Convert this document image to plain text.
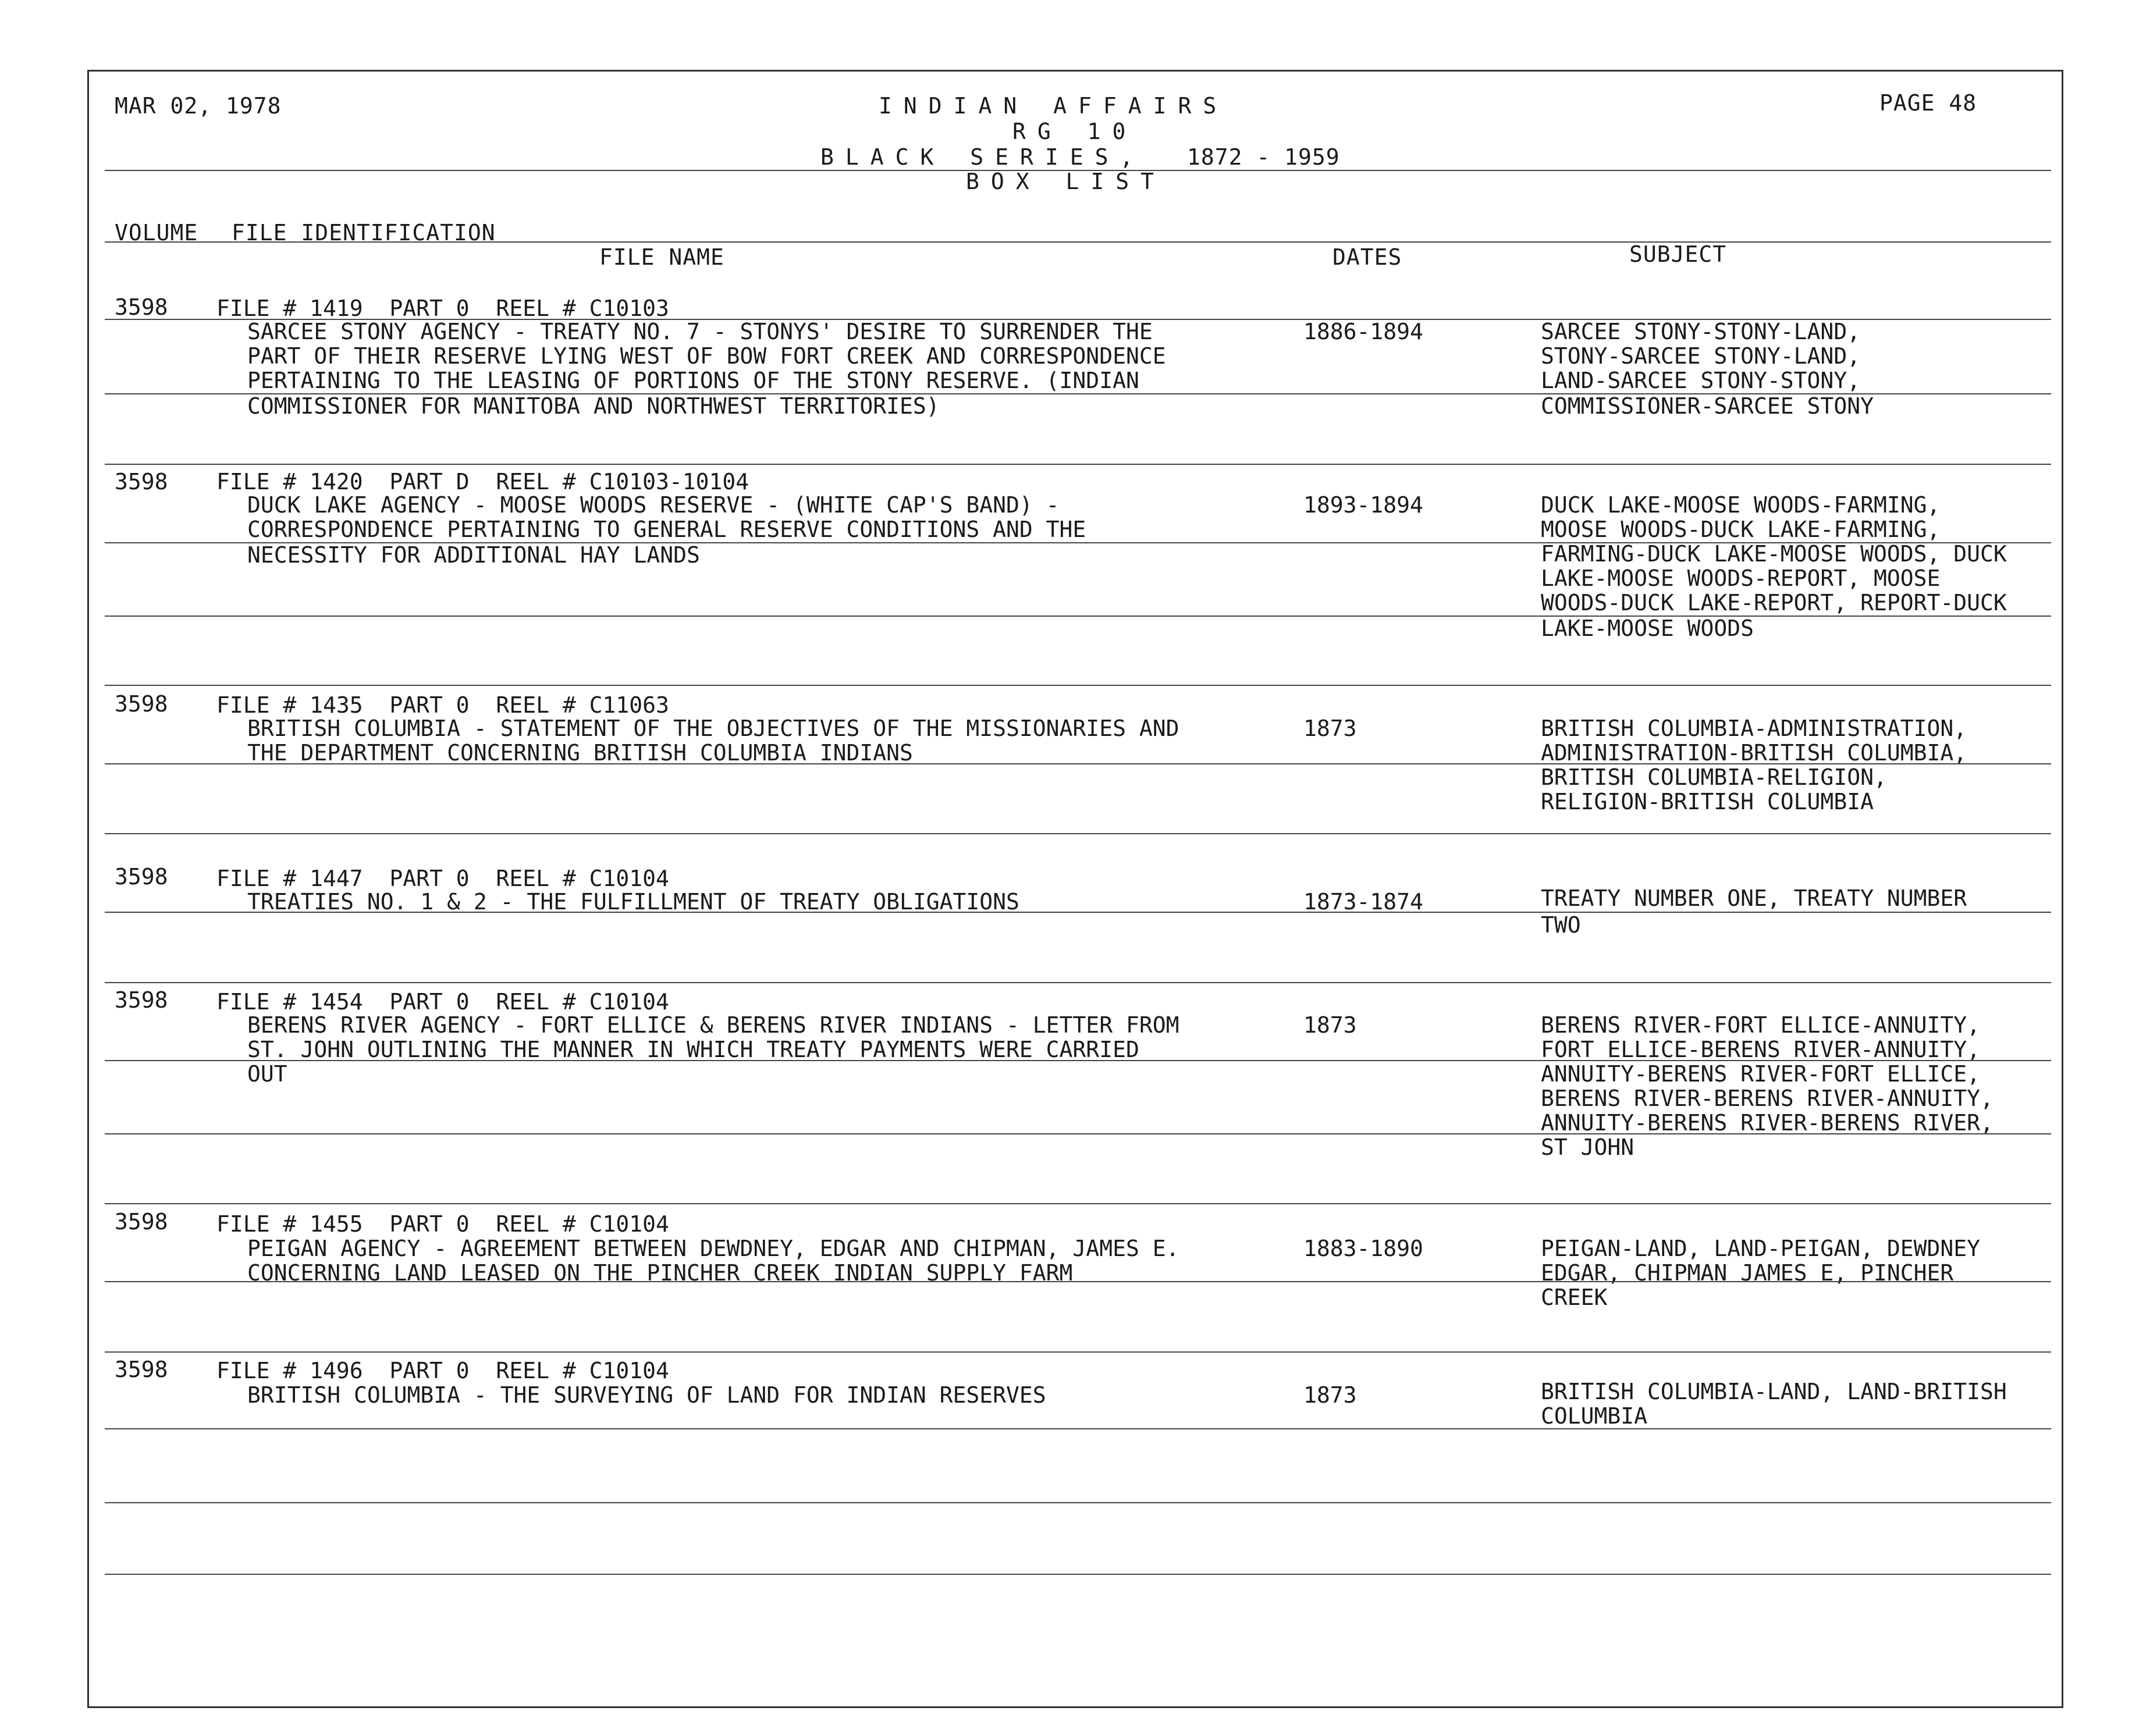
MAR 02, 1978	INDIAN AFFAIRS
RG 10
BLACK SERIES, 1872 - 1959
BOX LIST
PAGE 48
VOLUME FILE IDENTIFICATION
FILE NAME	DATES	SUBJECT
3598 FILE # 1419  PART 0  REEL # C10103
SARCEE STONY AGENCY - TREATY NO. 7 - STONYS' DESIRE TO SURRENDER THE
PART OF THEIR RESERVE LYING WEST OF BOW FORT CREEK AND CORRESPONDENCE
PERTAINING TO THE LEASING OF PORTIONS OF THE STONY RESERVE. (INDIAN
COMMISSIONER FOR MANITOBA AND NORTHWEST TERRITORIES)
1886-1894	SARCEE STONY-STONY-LAND,
STONY-SARCEE STONY-LAND,
LAND-SARCEE STONY-STONY,
COMMISSIONER-SARCEE STONY
3598 FILE # 1420  PART D  REEL # C10103-10104
DUCK LAKE AGENCY - MOOSE WOODS RESERVE - (WHITE CAP'S BAND) -
CORRESPONDENCE PERTAINING TO GENERAL RESERVE CONDITIONS AND THE
NECESSITY FOR ADDITIONAL HAY LANDS
1893-1894	DUCK LAKE-MOOSE WOODS-FARMING,
MOOSE WOODS-DUCK LAKE-FARMING,
FARMING-DUCK LAKE-MOOSE WOODS, DUCK
LAKE-MOOSE WOODS-REPORT, MOOSE
WOODS-DUCK LAKE-REPORT, REPORT-DUCK
LAKE-MOOSE WOODS
3598 FILE # 1435  PART 0  REEL # C11063
BRITISH COLUMBIA - STATEMENT OF THE OBJECTIVES OF THE MISSIONARIES AND
THE DEPARTMENT CONCERNING BRITISH COLUMBIA INDIANS
1873	BRITISH COLUMBIA-ADMINISTRATION,
ADMINISTRATION-BRITISH COLUMBIA,
BRITISH COLUMBIA-RELIGION,
RELIGION-BRITISH COLUMBIA
3598 FILE # 1447  PART 0  REEL # C10104
TREATIES NO. 1 & 2 - THE FULFILLMENT OF TREATY OBLIGATIONS	1873-1874	TREATY NUMBER ONE, TREATY NUMBER
TWO
3598 FILE # 1454  PART 0  REEL # C10104
BERENS RIVER AGENCY - FORT ELLICE & BERENS RIVER INDIANS - LETTER FROM
ST. JOHN OUTLINING THE MANNER IN WHICH TREATY PAYMENTS WERE CARRIED
OUT
1873	BERENS RIVER-FORT ELLICE-ANNUITY,
FORT ELLICE-BERENS RIVER-ANNUITY,
ANNUITY-BERENS RIVER-FORT ELLICE,
BERENS RIVER-BERENS RIVER-ANNUITY,
ANNUITY-BERENS RIVER-BERENS RIVER,
ST JOHN
3598 FILE # 1455  PART 0  REEL # C10104
PEIGAN AGENCY - AGREEMENT BETWEEN DEWDNEY, EDGAR AND CHIPMAN, JAMES E.
CONCERNING LAND LEASED ON THE PINCHER CREEK INDIAN SUPPLY FARM
1883-1890	PEIGAN-LAND, LAND-PEIGAN, DEWDNEY
EDGAR, CHIPMAN JAMES E, PINCHER
CREEK
3598 FILE # 1496  PART 0  REEL # C10104
BRITISH COLUMBIA - THE SURVEYING OF LAND FOR INDIAN RESERVES	1873	BRITISH COLUMBIA-LAND, LAND-BRITISH
COLUMBIA
